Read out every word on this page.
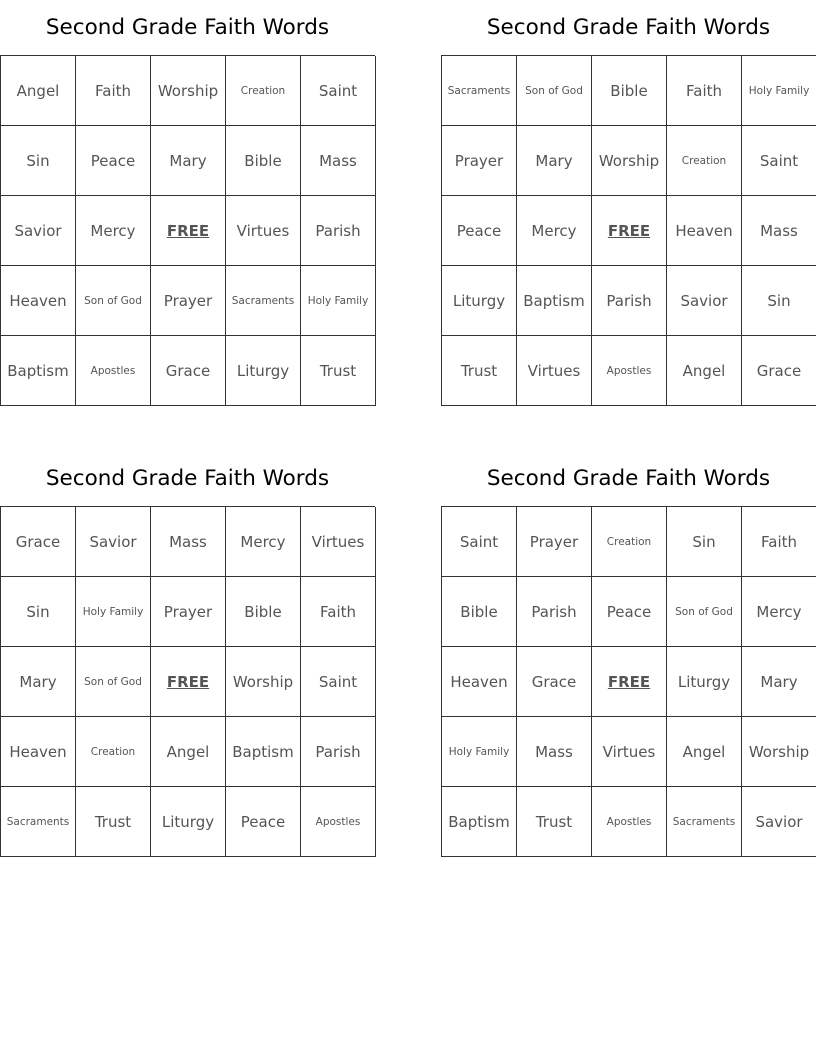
Second Grade Faith Words
Angel	Faith	Worship	Creation	Saint
Sin	Peace	Mary	Bible	Mass
Savior	Mercy	FREE	Virtues	Parish
Heaven	Son of God	Prayer	Sacraments	Holy Family
Baptism	Apostles	Grace	Liturgy	Trust
Second Grade Faith Words
Sacraments	Son of God	Bible	Faith	Holy Family
Prayer	Mary	Worship	Creation	Saint
Peace	Mercy	FREE	Heaven	Mass
Liturgy	Baptism	Parish	Savior	Sin
Trust	Virtues	Apostles	Angel	Grace
Second Grade Faith Words
Grace	Savior	Mass	Mercy	Virtues
Sin	Holy Family	Prayer	Bible	Faith
Mary	Son of God	FREE	Worship	Saint
Heaven	Creation	Angel	Baptism	Parish
Sacraments	Trust	Liturgy	Peace	Apostles
Second Grade Faith Words
Saint	Prayer	Creation	Sin	Faith
Bible	Parish	Peace	Son of God	Mercy
Heaven	Grace	FREE	Liturgy	Mary
Holy Family	Mass	Virtues	Angel	Worship
Baptism	Trust	Apostles	Sacraments	Savior
